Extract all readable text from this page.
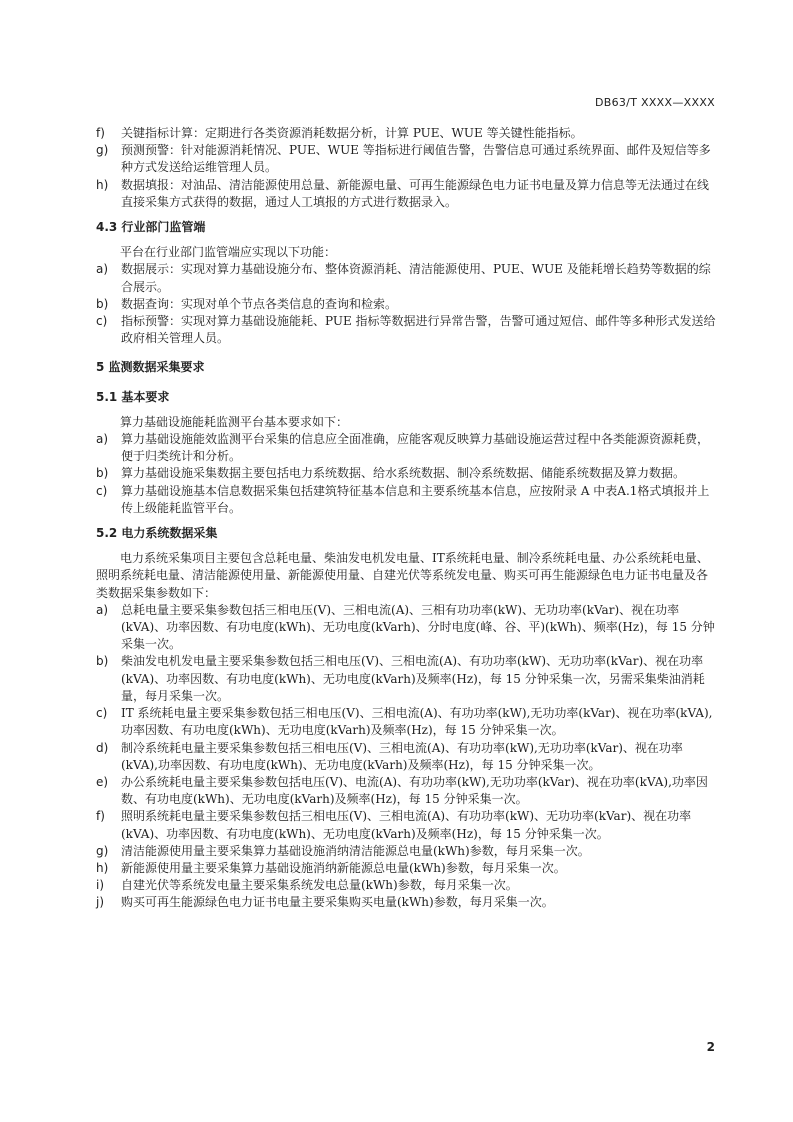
DB63/T XXXX—XXXX
f) 关键指标计算：定期进行各类资源消耗数据分析，计算 PUE、WUE 等关键性能指标。
g) 预测预警：针对能源消耗情况、PUE、WUE 等指标进行阈值告警，告警信息可通过系统界面、邮件及短信等多种方式发送给运维管理人员。
h) 数据填报：对油品、清洁能源使用总量、新能源电量、可再生能源绿色电力证书电量及算力信息等无法通过在线直接采集方式获得的数据，通过人工填报的方式进行数据录入。
4.3 行业部门监管端
平台在行业部门监管端应实现以下功能：
a) 数据展示：实现对算力基础设施分布、整体资源消耗、清洁能源使用、PUE、WUE 及能耗增长趋势等数据的综合展示。
b) 数据查询：实现对单个节点各类信息的查询和检索。
c) 指标预警：实现对算力基础设施能耗、PUE 指标等数据进行异常告警，告警可通过短信、邮件等多种形式发送给政府相关管理人员。
5 监测数据采集要求
5.1 基本要求
算力基础设施能耗监测平台基本要求如下：
a) 算力基础设施能效监测平台采集的信息应全面准确，应能客观反映算力基础设施运营过程中各类能源资源耗费，便于归类统计和分析。
b) 算力基础设施采集数据主要包括电力系统数据、给水系统数据、制冷系统数据、储能系统数据及算力数据。
c) 算力基础设施基本信息数据采集包括建筑特征基本信息和主要系统基本信息，应按附录 A 中表A.1格式填报并上传上级能耗监管平台。
5.2 电力系统数据采集
电力系统采集项目主要包含总耗电量、柴油发电机发电量、IT系统耗电量、制冷系统耗电量、办公系统耗电量、照明系统耗电量、清洁能源使用量、新能源使用量、自建光伏等系统发电量、购买可再生能源绿色电力证书电量及各类数据采集参数如下：
a) 总耗电量主要采集参数包括三相电压(V)、三相电流(A)、三相有功功率(kW)、无功功率(kVar)、视在功率(kVA)、功率因数、有功电度(kWh)、无功电度(kVarh)、分时电度(峰、谷、平)(kWh)、频率(Hz)，每 15 分钟采集一次。
b) 柴油发电机发电量主要采集参数包括三相电压(V)、三相电流(A)、有功功率(kW)、无功功率(kVar)、视在功率(kVA)、功率因数、有功电度(kWh)、无功电度(kVarh)及频率(Hz)，每 15 分钟采集一次，另需采集柴油消耗量，每月采集一次。
c) IT 系统耗电量主要采集参数包括三相电压(V)、三相电流(A)、有功功率(kW),无功功率(kVar)、视在功率(kVA),功率因数、有功电度(kWh)、无功电度(kVarh)及频率(Hz)，每 15 分钟采集一次。
d) 制冷系统耗电量主要采集参数包括三相电压(V)、三相电流(A)、有功功率(kW),无功功率(kVar)、视在功率(kVA),功率因数、有功电度(kWh)、无功电度(kVarh)及频率(Hz)，每 15 分钟采集一次。
e) 办公系统耗电量主要采集参数包括电压(V)、电流(A)、有功功率(kW),无功功率(kVar)、视在功率(kVA),功率因数、有功电度(kWh)、无功电度(kVarh)及频率(Hz)，每 15 分钟采集一次。
f) 照明系统耗电量主要采集参数包括三相电压(V)、三相电流(A)、有功功率(kW)、无功功率(kVar)、视在功率(kVA)、功率因数、有功电度(kWh)、无功电度(kVarh)及频率(Hz)，每 15 分钟采集一次。
g) 清洁能源使用量主要采集算力基础设施消纳清洁能源总电量(kWh)参数，每月采集一次。
h) 新能源使用量主要采集算力基础设施消纳新能源总电量(kWh)参数，每月采集一次。
i) 自建光伏等系统发电量主要采集系统发电总量(kWh)参数，每月采集一次。
j) 购买可再生能源绿色电力证书电量主要采集购买电量(kWh)参数，每月采集一次。
2
